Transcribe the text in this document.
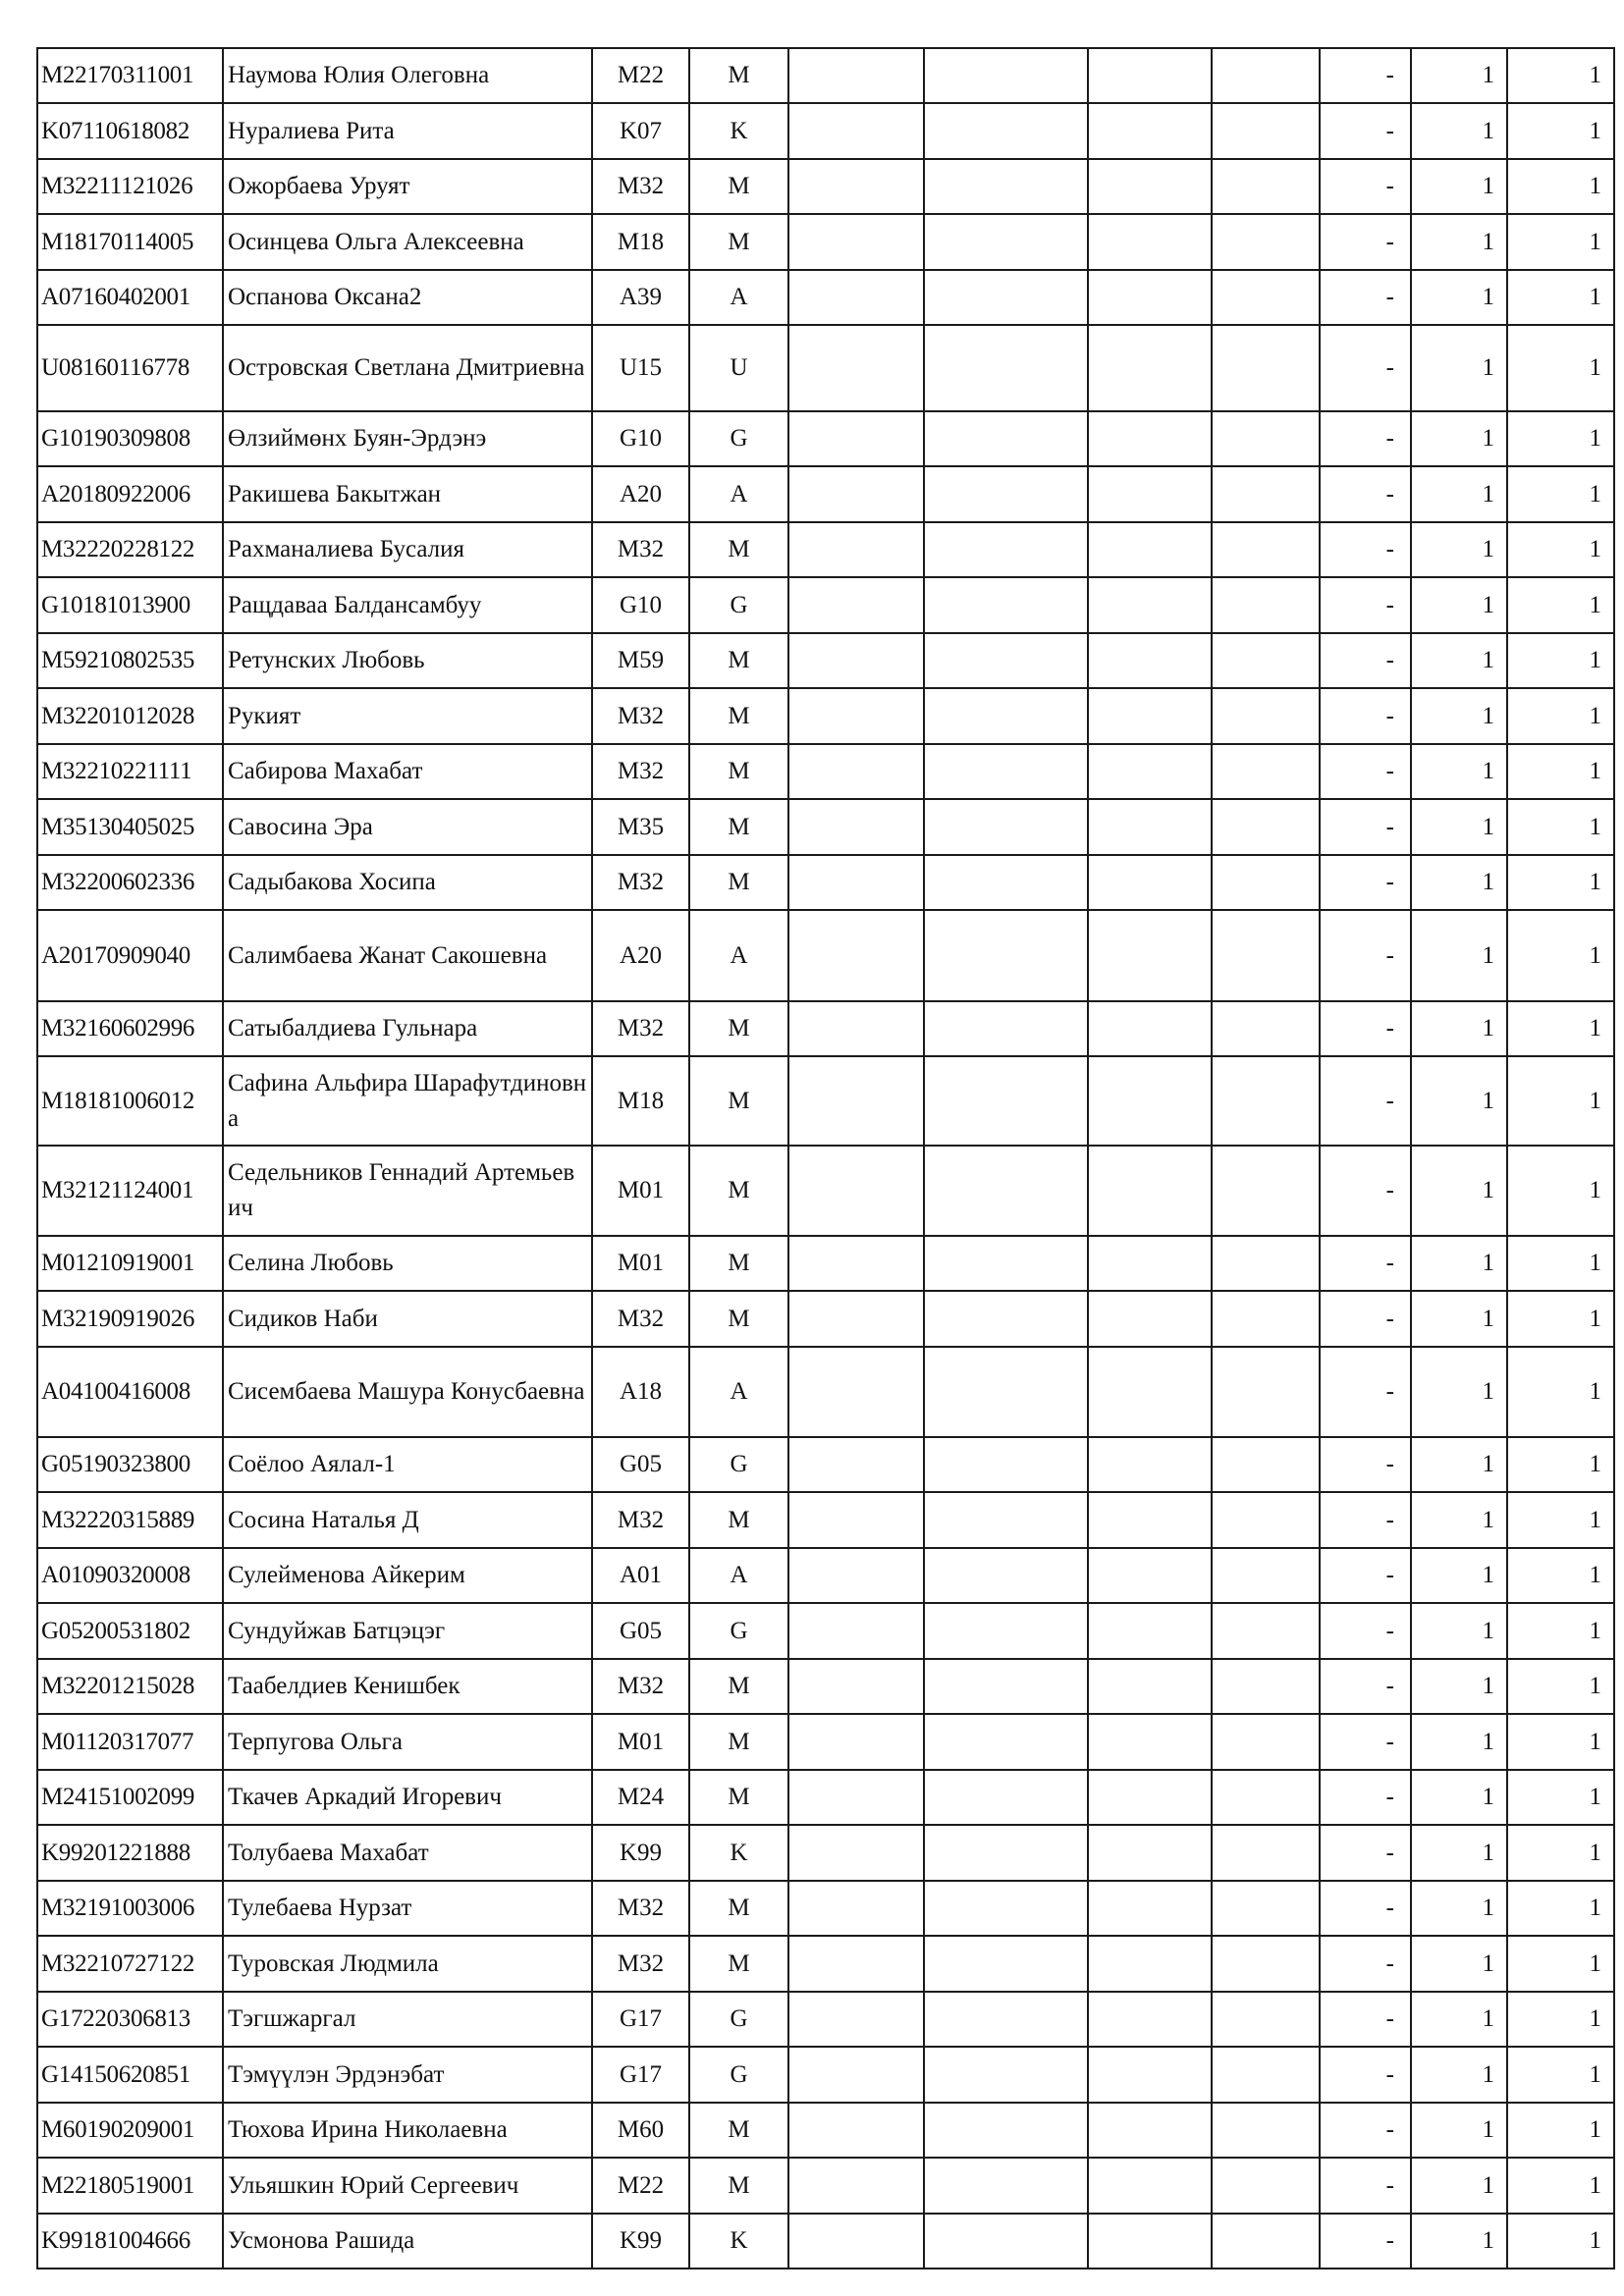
M22170311001	Наумова Юлия Олеговна	M22	M					-	1	1
K07110618082	Нуралиева Рита	K07	K					-	1	1
M32211121026	Ожорбаева Уруят	M32	M					-	1	1
M18170114005	Осинцева Ольга Алексеевна	M18	M					-	1	1
A07160402001	Оспанова Оксана2	A39	A					-	1	1
U08160116778	Островская Светлана Дмитриевна	U15	U					-	1	1
G10190309808	Өлзиймөнх Буян-Эрдэнэ	G10	G					-	1	1
A20180922006	Ракишева Бакытжан	A20	A					-	1	1
M32220228122	Рахманалиева Бусалия	M32	M					-	1	1
G10181013900	Ращдаваа Балдансамбуу	G10	G					-	1	1
M59210802535	Ретунских Любовь	M59	M					-	1	1
M32201012028	Рукият	M32	M					-	1	1
M32210221111	Сабирова Махабат	M32	M					-	1	1
M35130405025	Савосина Эра	M35	M					-	1	1
M32200602336	Садыбакова Хосипа	M32	M					-	1	1
A20170909040	Салимбаева Жанат Сакошевна	A20	A					-	1	1
M32160602996	Сатыбалдиева Гульнара	M32	M					-	1	1
M18181006012	Сафина Альфира Шарафутдиновна	M18	M					-	1	1
M32121124001	Седельников Геннадий Артемьевич	M01	M					-	1	1
M01210919001	Селина Любовь	M01	M					-	1	1
M32190919026	Сидиков Наби	M32	M					-	1	1
A04100416008	Сисембаева Машура Конусбаевна	A18	A					-	1	1
G05190323800	Соёлоо Аялал-1	G05	G					-	1	1
M32220315889	Сосина Наталья Д	M32	M					-	1	1
A01090320008	Сулейменова Айкерим	A01	A					-	1	1
G05200531802	Сундуйжав Батцэцэг	G05	G					-	1	1
M32201215028	Таабелдиев Кенишбек	M32	M					-	1	1
M01120317077	Терпугова Ольга	M01	M					-	1	1
M24151002099	Ткачев Аркадий Игоревич	M24	M					-	1	1
K99201221888	Толубаева Махабат	K99	K					-	1	1
M32191003006	Тулебаева Нурзат	M32	M					-	1	1
M32210727122	Туровская Людмила	M32	M					-	1	1
G17220306813	Тэгшжаргал	G17	G					-	1	1
G14150620851	Тэмүүлэн Эрдэнэбат	G17	G					-	1	1
M60190209001	Тюхова Ирина Николаевна	M60	M					-	1	1
M22180519001	Ульяшкин Юрий Сергеевич	M22	M					-	1	1
K99181004666	Усмонова Рашида	K99	K					-	1	1
